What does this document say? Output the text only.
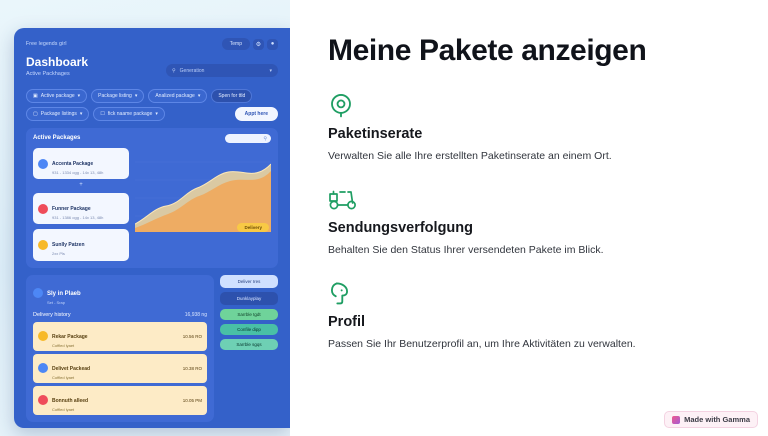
Free legends girl	Temp	⚙	●
Dashboark
Active Packhages
⚲ Generation	▾
▣ Active package ▾	Package listing ▾	Analized package ▾	Spen for ttld
▢ Package listings ▾	☐ fick naame package ▾	Appt here
Active Packages	⚲
Accenta Package
931 - 1334 ogg - 14x 13, 48h
+
Funner Package
931 - 1386 ogg - 14x 13, 48h
Sunlly Patzen
2xx Pls
Delivery
Sly in Plaeb
Set - Srap
Delivery history	16,938 ng
Rekar Package
Coffled lyaet
10.56 RO
Delivet Packead
Coffled lyaet
10.38 RO
Bonnuth alleed
Coffled lyaet
10.05 PM
Deliver Ires
Dunklayplay
Sarrble tgdt
Confile dipp
Sarrble sgqs
Meine Pakete anzeigen
Paketinserate
Verwalten Sie alle Ihre erstellten Paketinserate an einem Ort.
Sendungsverfolgung
Behalten Sie den Status Ihrer versendeten Pakete im Blick.
Profil
Passen Sie Ihr Benutzerprofil an, um Ihre Aktivitäten zu verwalten.
Made with Gamma
